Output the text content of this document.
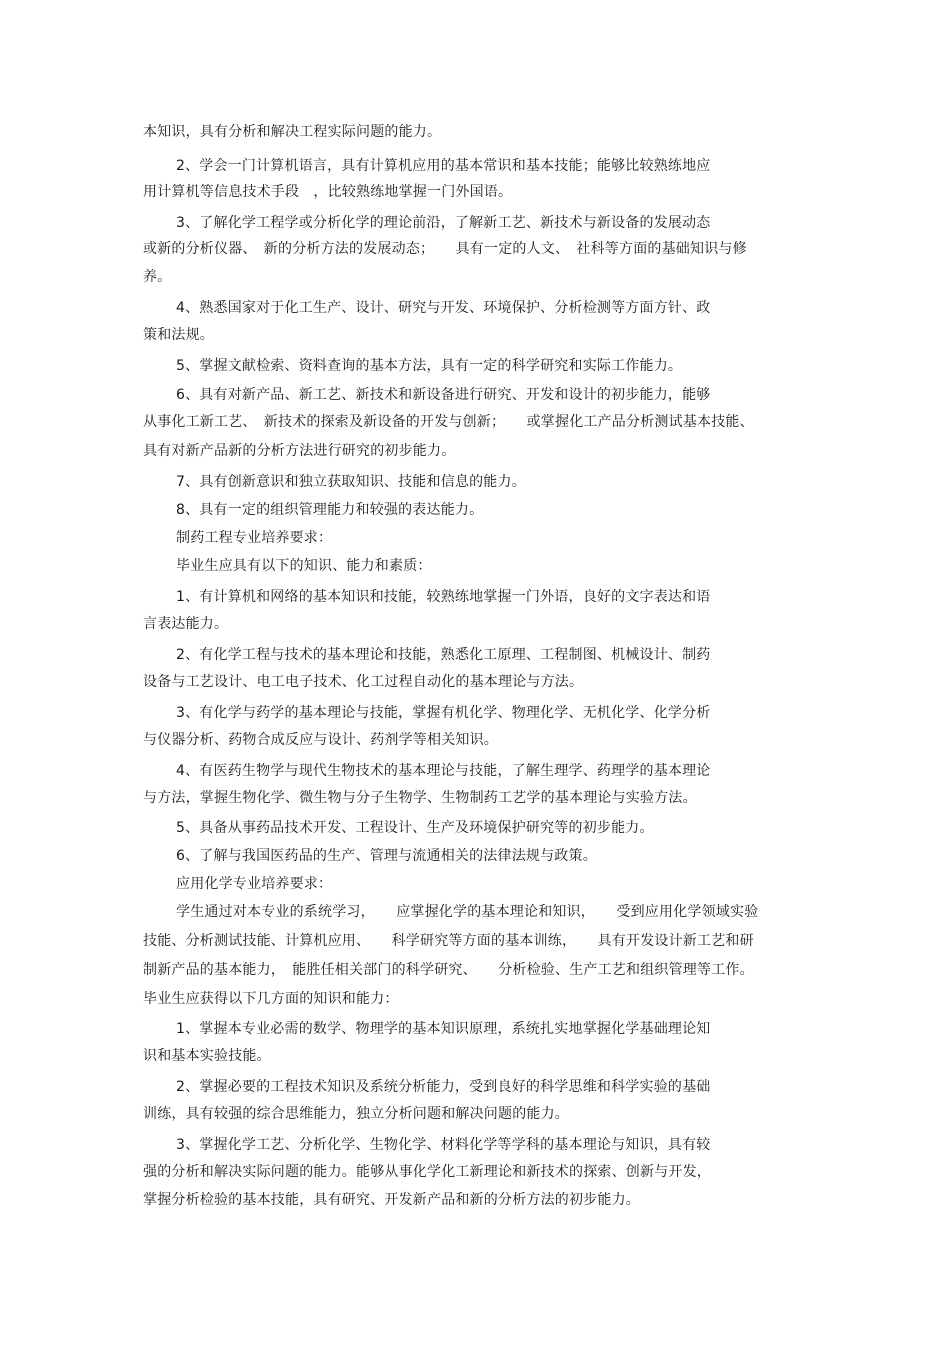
本知识，具有分析和解决工程实际问题的能力。
2、学会一门计算机语言，具有计算机应用的基本常识和基本技能；能够比较熟练地应
用计算机等信息技术手段　，比较熟练地掌握一门外国语。
3、了解化学工程学或分析化学的理论前沿，了解新工艺、新技术与新设备的发展动态
或新的分析仪器、　新的分析方法的发展动态；　　具有一定的人文、　社科等方面的基础知识与修
养。
4、熟悉国家对于化工生产、设计、研究与开发、环境保护、分析检测等方面方针、政
策和法规。
5、掌握文献检索、资料查询的基本方法，具有一定的科学研究和实际工作能力。
6、具有对新产品、新工艺、新技术和新设备进行研究、开发和设计的初步能力，能够
从事化工新工艺、　新技术的探索及新设备的开发与创新；　　或掌握化工产品分析测试基本技能、
具有对新产品新的分析方法进行研究的初步能力。
7、具有创新意识和独立获取知识、技能和信息的能力。
8、具有一定的组织管理能力和较强的表达能力。
制药工程专业培养要求：
毕业生应具有以下的知识、能力和素质：
1、有计算机和网络的基本知识和技能，较熟练地掌握一门外语，良好的文字表达和语
言表达能力。
2、有化学工程与技术的基本理论和技能，熟悉化工原理、工程制图、机械设计、制药
设备与工艺设计、电工电子技术、化工过程自动化的基本理论与方法。
3、有化学与药学的基本理论与技能，掌握有机化学、物理化学、无机化学、化学分析
与仪器分析、药物合成反应与设计、药剂学等相关知识。
4、有医药生物学与现代生物技术的基本理论与技能，了解生理学、药理学的基本理论
与方法，掌握生物化学、微生物与分子生物学、生物制药工艺学的基本理论与实验方法。
5、具备从事药品技术开发、工程设计、生产及环境保护研究等的初步能力。
6、了解与我国医药品的生产、管理与流通相关的法律法规与政策。
应用化学专业培养要求：
学生通过对本专业的系统学习，　　应掌握化学的基本理论和知识，　　受到应用化学领域实验
技能、分析测试技能、计算机应用、　　科学研究等方面的基本训练，　　具有开发设计新工艺和研
制新产品的基本能力，　能胜任相关部门的科学研究、　　分析检验、生产工艺和组织管理等工作。
毕业生应获得以下几方面的知识和能力：
1、掌握本专业必需的数学、物理学的基本知识原理，系统扎实地掌握化学基础理论知
识和基本实验技能。
2、掌握必要的工程技术知识及系统分析能力，受到良好的科学思维和科学实验的基础
训练，具有较强的综合思维能力，独立分析问题和解决问题的能力。
3、掌握化学工艺、分析化学、生物化学、材料化学等学科的基本理论与知识，具有较
强的分析和解决实际问题的能力。能够从事化学化工新理论和新技术的探索、创新与开发，
掌握分析检验的基本技能，具有研究、开发新产品和新的分析方法的初步能力。
